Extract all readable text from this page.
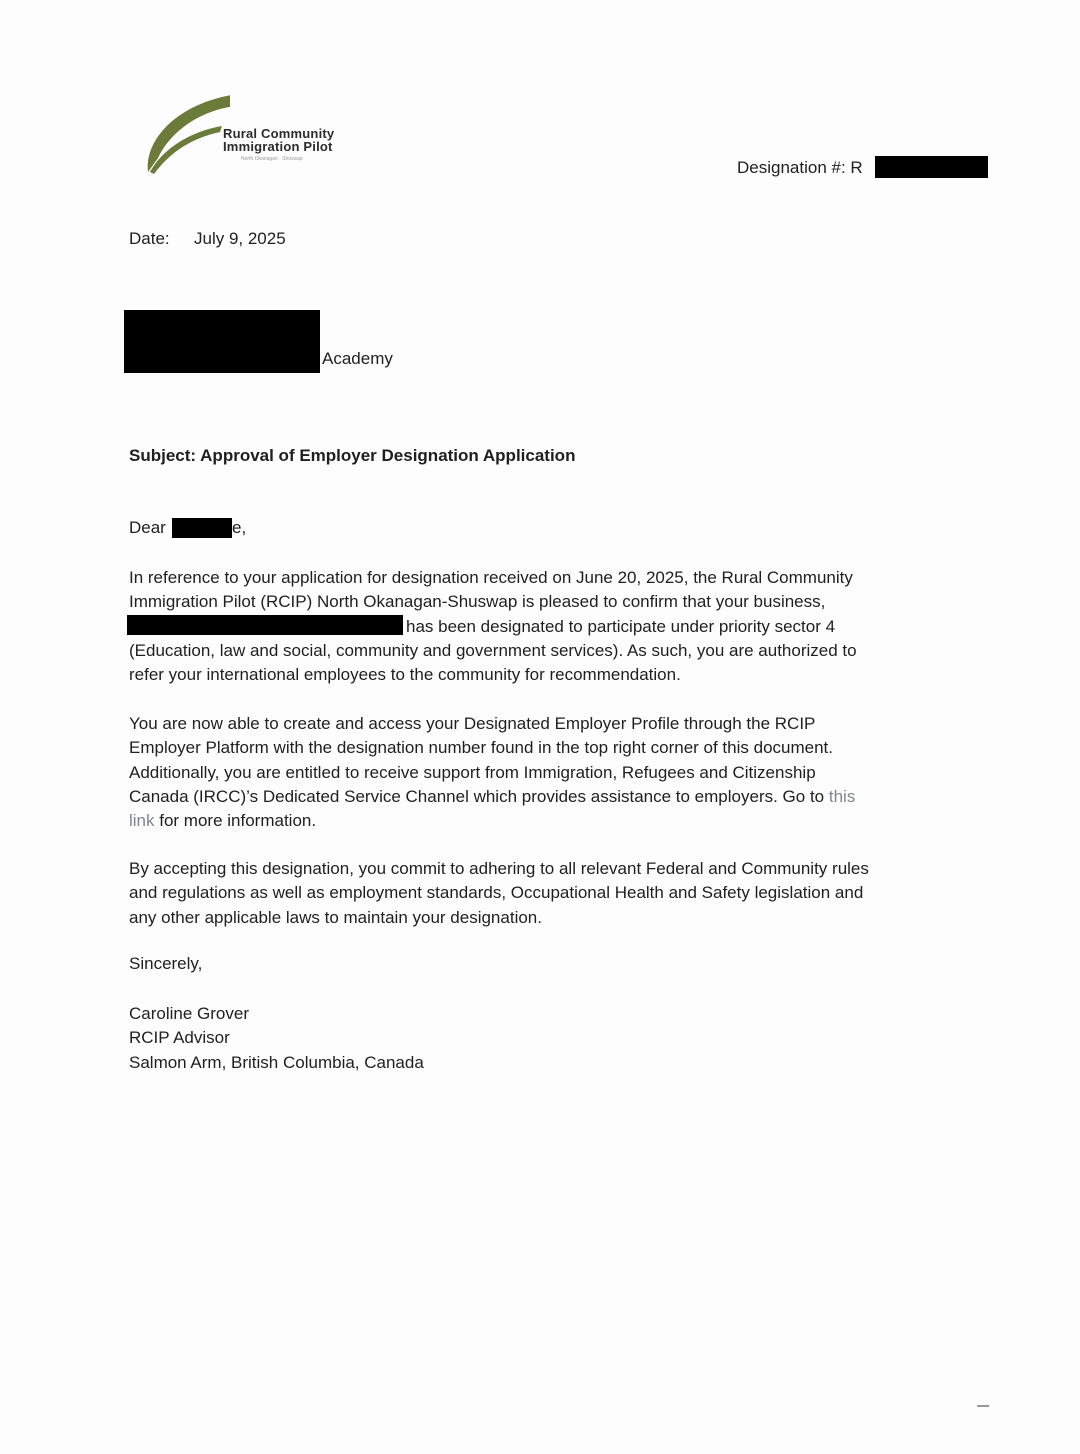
Rural Community
Immigration Pilot
North Okanagan - Shuswap	Designation #: R
Date: July 9, 2025
Academy
Subject: Approval of Employer Designation Application
Dear	e,
In reference to your application for designation received on June 20, 2025, the Rural Community
Immigration Pilot (RCIP) North Okanagan-Shuswap is pleased to confirm that your business,
has been designated to participate under priority sector 4
(Education, law and social, community and government services). As such, you are authorized to
refer your international employees to the community for recommendation.
You are now able to create and access your Designated Employer Profile through the RCIP
Employer Platform with the designation number found in the top right corner of this document.
Additionally, you are entitled to receive support from Immigration, Refugees and Citizenship
Canada (IRCC)’s Dedicated Service Channel which provides assistance to employers. Go to this
link for more information.
By accepting this designation, you commit to adhering to all relevant Federal and Community rules
and regulations as well as employment standards, Occupational Health and Safety legislation and
any other applicable laws to maintain your designation.
Sincerely,
Caroline Grover
RCIP Advisor
Salmon Arm, British Columbia, Canada
